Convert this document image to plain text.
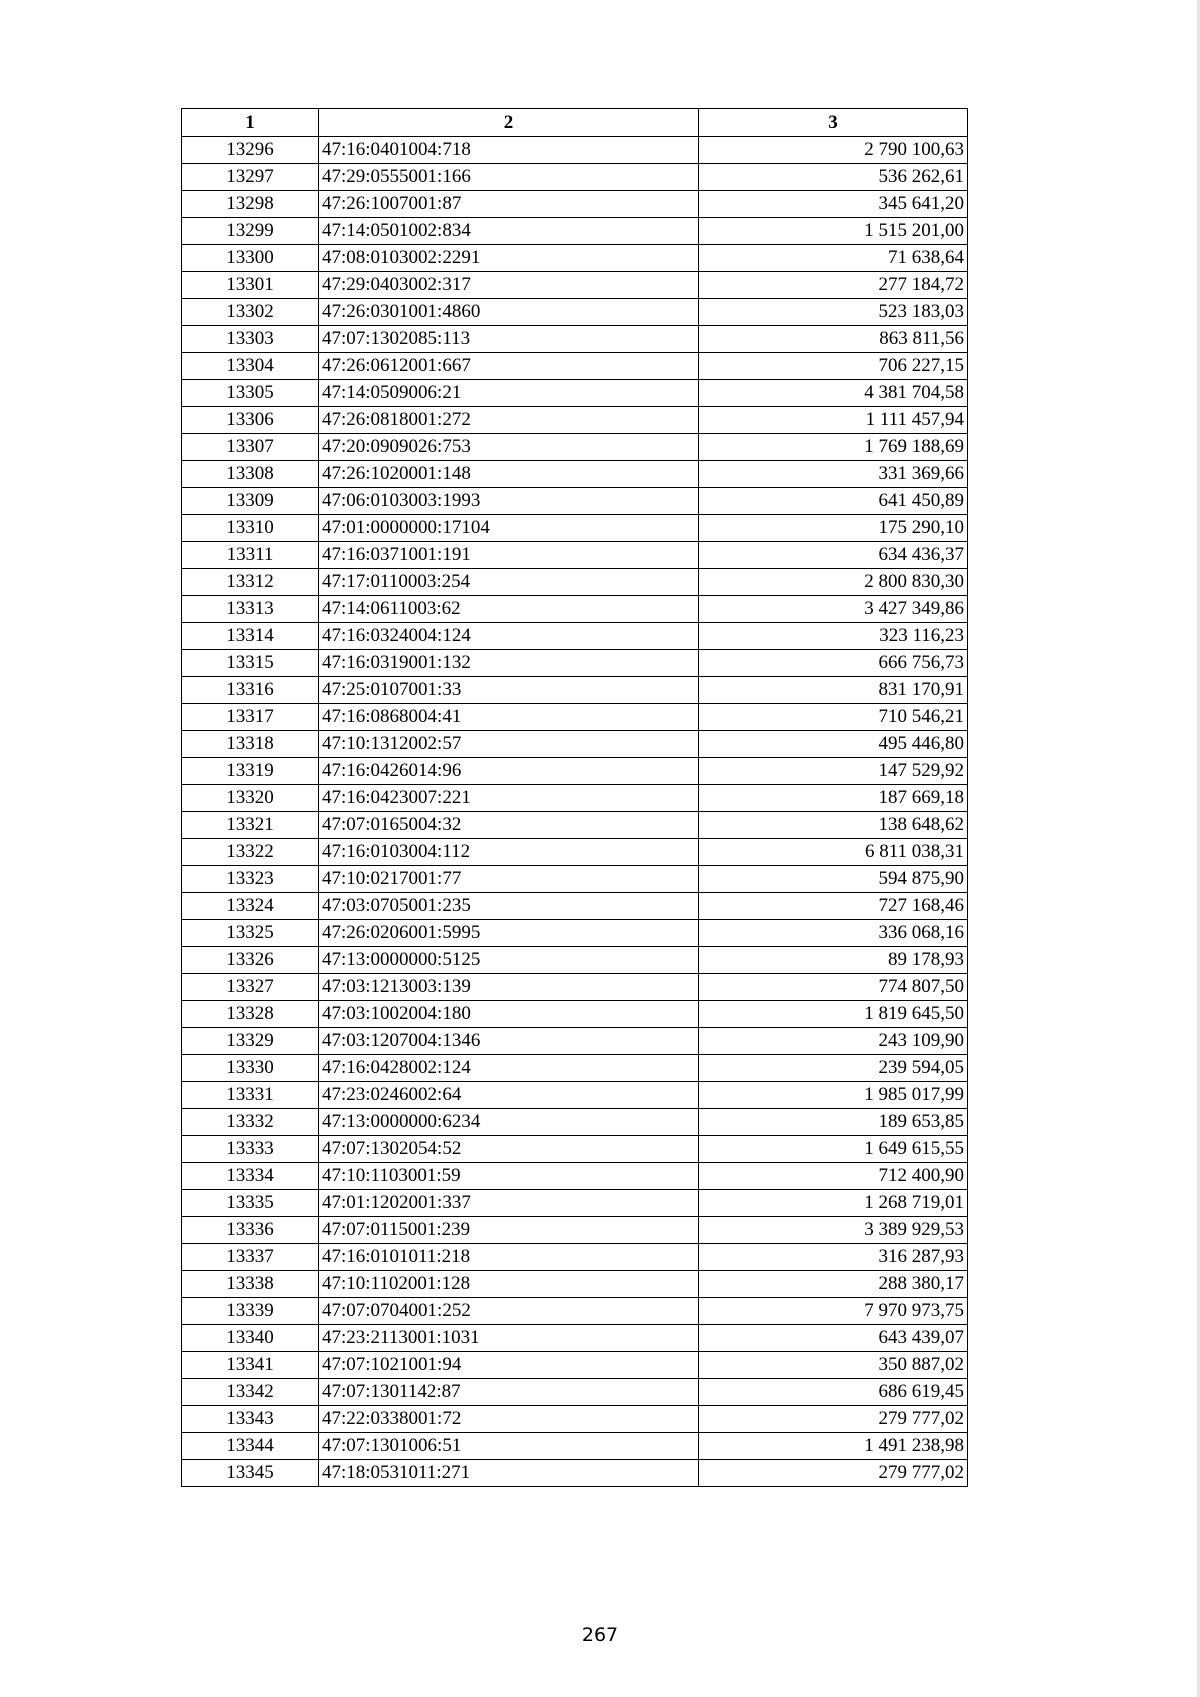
1	2	3
13296	47:16:0401004:718	2 790 100,63
13297	47:29:0555001:166	536 262,61
13298	47:26:1007001:87	345 641,20
13299	47:14:0501002:834	1 515 201,00
13300	47:08:0103002:2291	71 638,64
13301	47:29:0403002:317	277 184,72
13302	47:26:0301001:4860	523 183,03
13303	47:07:1302085:113	863 811,56
13304	47:26:0612001:667	706 227,15
13305	47:14:0509006:21	4 381 704,58
13306	47:26:0818001:272	1 111 457,94
13307	47:20:0909026:753	1 769 188,69
13308	47:26:1020001:148	331 369,66
13309	47:06:0103003:1993	641 450,89
13310	47:01:0000000:17104	175 290,10
13311	47:16:0371001:191	634 436,37
13312	47:17:0110003:254	2 800 830,30
13313	47:14:0611003:62	3 427 349,86
13314	47:16:0324004:124	323 116,23
13315	47:16:0319001:132	666 756,73
13316	47:25:0107001:33	831 170,91
13317	47:16:0868004:41	710 546,21
13318	47:10:1312002:57	495 446,80
13319	47:16:0426014:96	147 529,92
13320	47:16:0423007:221	187 669,18
13321	47:07:0165004:32	138 648,62
13322	47:16:0103004:112	6 811 038,31
13323	47:10:0217001:77	594 875,90
13324	47:03:0705001:235	727 168,46
13325	47:26:0206001:5995	336 068,16
13326	47:13:0000000:5125	89 178,93
13327	47:03:1213003:139	774 807,50
13328	47:03:1002004:180	1 819 645,50
13329	47:03:1207004:1346	243 109,90
13330	47:16:0428002:124	239 594,05
13331	47:23:0246002:64	1 985 017,99
13332	47:13:0000000:6234	189 653,85
13333	47:07:1302054:52	1 649 615,55
13334	47:10:1103001:59	712 400,90
13335	47:01:1202001:337	1 268 719,01
13336	47:07:0115001:239	3 389 929,53
13337	47:16:0101011:218	316 287,93
13338	47:10:1102001:128	288 380,17
13339	47:07:0704001:252	7 970 973,75
13340	47:23:2113001:1031	643 439,07
13341	47:07:1021001:94	350 887,02
13342	47:07:1301142:87	686 619,45
13343	47:22:0338001:72	279 777,02
13344	47:07:1301006:51	1 491 238,98
13345	47:18:0531011:271	279 777,02
267
